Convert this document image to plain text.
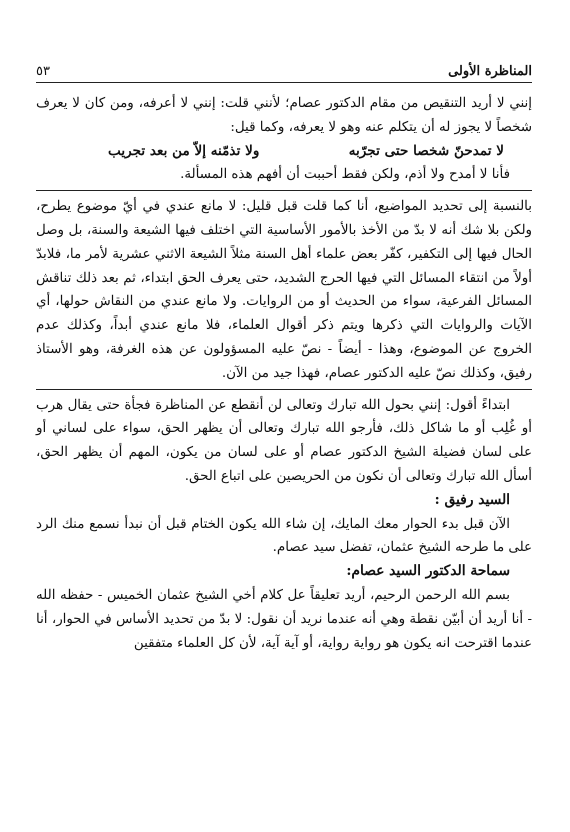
المناظرة الأولى
٥٣

إنني لا أريد التنقيص من مقام الدكتور عصام؛ لأنني قلت: إنني لا أعرفه، ومن كان لا يعرف شخصاً لا يجوز له أن يتكلم عنه وهو لا يعرفه، وكما قيل:

لا تمدحنّ شخصا حتى تجرّبه
ولا تذمّنه إلاّ من بعد تجريب

فأنا لا أمدح ولا أذم، ولكن فقط أحببت أن أفهم هذه المسألة.

بالنسبة إلى تحديد المواضيع، أنا كما قلت قبل قليل: لا مانع عندي في أيّ موضوع يطرح، ولكن بلا شك أنه لا بدّ من الأخذ بالأمور الأساسية التي اختلف فيها الشيعة والسنة، بل وصل الحال فيها إلى التكفير، كفّر بعض علماء أهل السنة مثلاً الشيعة الاثني عشرية لأمر ما، فلابدّ أولاً من انتقاء المسائل التي فيها الحرج الشديد، حتى يعرف الحق ابتداء، ثم بعد ذلك تناقش المسائل الفرعية، سواء من الحديث أو من الروايات. ولا مانع عندي من النقاش حولها، أي الآيات والروايات التي ذكرها ويتم ذكر أقوال العلماء، فلا مانع عندي أبداً، وكذلك عدم الخروج عن الموضوع، وهذا - أيضاً - نصّ عليه المسؤولون عن هذه الغرفة، وهو الأستاذ رفيق، وكذلك نصّ عليه الدكتور عصام، فهذا جيد من الآن.

ابتداءً أقول: إنني بحول الله تبارك وتعالى لن أنقطع عن المناظرة فجأة حتى يقال هرب أو غُلِب أو ما شاكل ذلك، فأرجو الله تبارك وتعالى أن يظهر الحق، سواء على لساني أو على لسان فضيلة الشيخ الدكتور عصام أو على لسان من يكون، المهم أن يظهر الحق، أسأل الله تبارك وتعالى أن نكون من الحريصين على اتباع الحق.

السيد رفيق :

الآن قبل بدء الحوار معك المايك، إن شاء الله يكون الختام قبل أن نبدأ نسمع منك الرد على ما طرحه الشيخ عثمان، تفضل سيد عصام.

سماحة الدكتور السيد عصام:

بسم الله الرحمن الرحيم، أريد تعليقاً عل كلام أخي الشيخ عثمان الخميس - حفظه الله - أنا أريد أن أبيّن نقطة وهي أنه عندما نريد أن نقول: لا بدّ من تحديد الأساس في الحوار، أنا عندما اقترحت انه يكون هو رواية رواية، أو آية آية، لأن كل العلماء متفقين
